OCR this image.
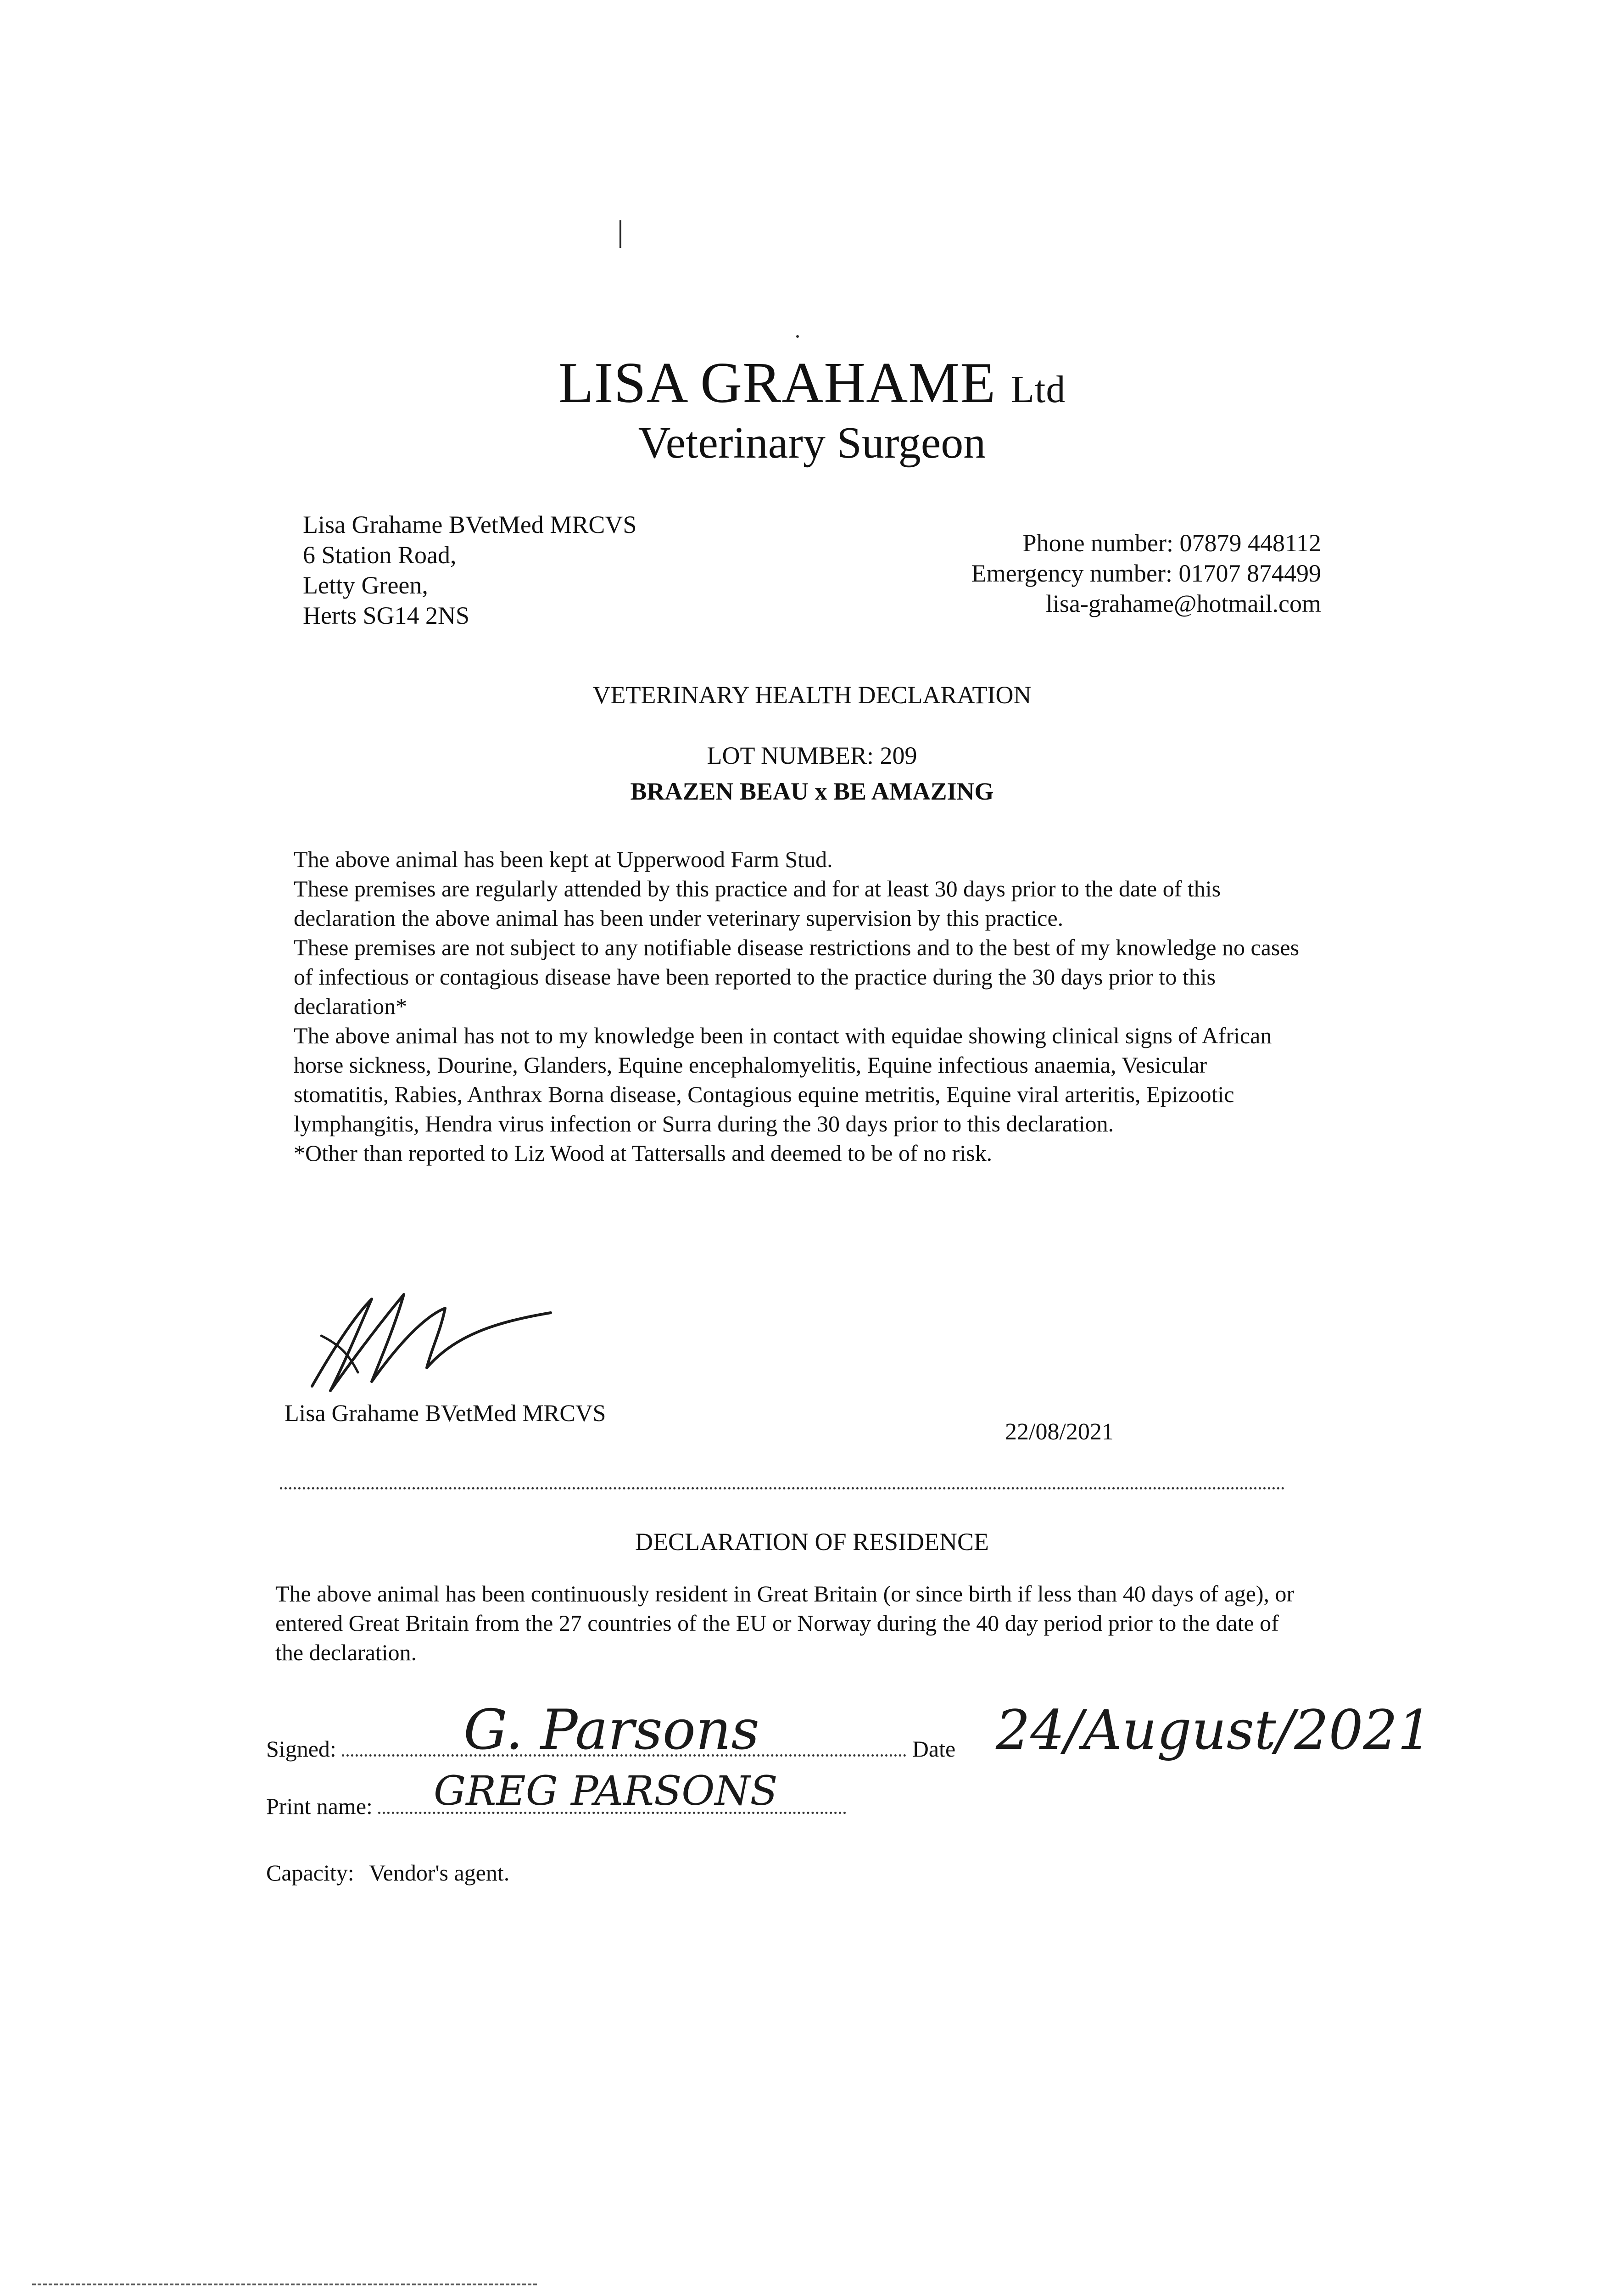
LISA GRAHAME Ltd
Veterinary Surgeon
Lisa Grahame BVetMed MRCVS
6 Station Road,
Letty Green,
Herts SG14 2NS
Phone number: 07879 448112
Emergency number: 01707 874499
lisa-grahame@hotmail.com
VETERINARY HEALTH DECLARATION
LOT NUMBER: 209
BRAZEN BEAU x BE AMAZING

The above animal has been kept at Upperwood Farm Stud.

These premises are regularly attended by this practice and for at least 30 days prior to the date of this declaration the above animal has been under veterinary supervision by this practice.

These premises are not subject to any notifiable disease restrictions and to the best of my knowledge no cases of infectious or contagious disease have been reported to the practice during the 30 days prior to this declaration*

The above animal has not to my knowledge been in contact with equidae showing clinical signs of African horse sickness, Dourine, Glanders, Equine encephalomyelitis, Equine infectious anaemia, Vesicular stomatitis, Rabies, Anthrax Borna disease, Contagious equine metritis, Equine viral arteritis, Epizootic lymphangitis, Hendra virus infection or Surra during the 30 days prior to this declaration.

*Other than reported to Liz Wood at Tattersalls and deemed to be of no risk.

Lisa Grahame BVetMed MRCVS
22/08/2021
DECLARATION OF RESIDENCE

The above animal has been continuously resident in Great Britain (or since birth if less than 40 days of age), or entered Great Britain from the 27 countries of the EU or Norway during the 40 day period prior to the date of the declaration.

Signed:	Date
G. Parsons	24/August/2021
Print name:	GREG PARSONS
Capacity: Vendor's agent.
